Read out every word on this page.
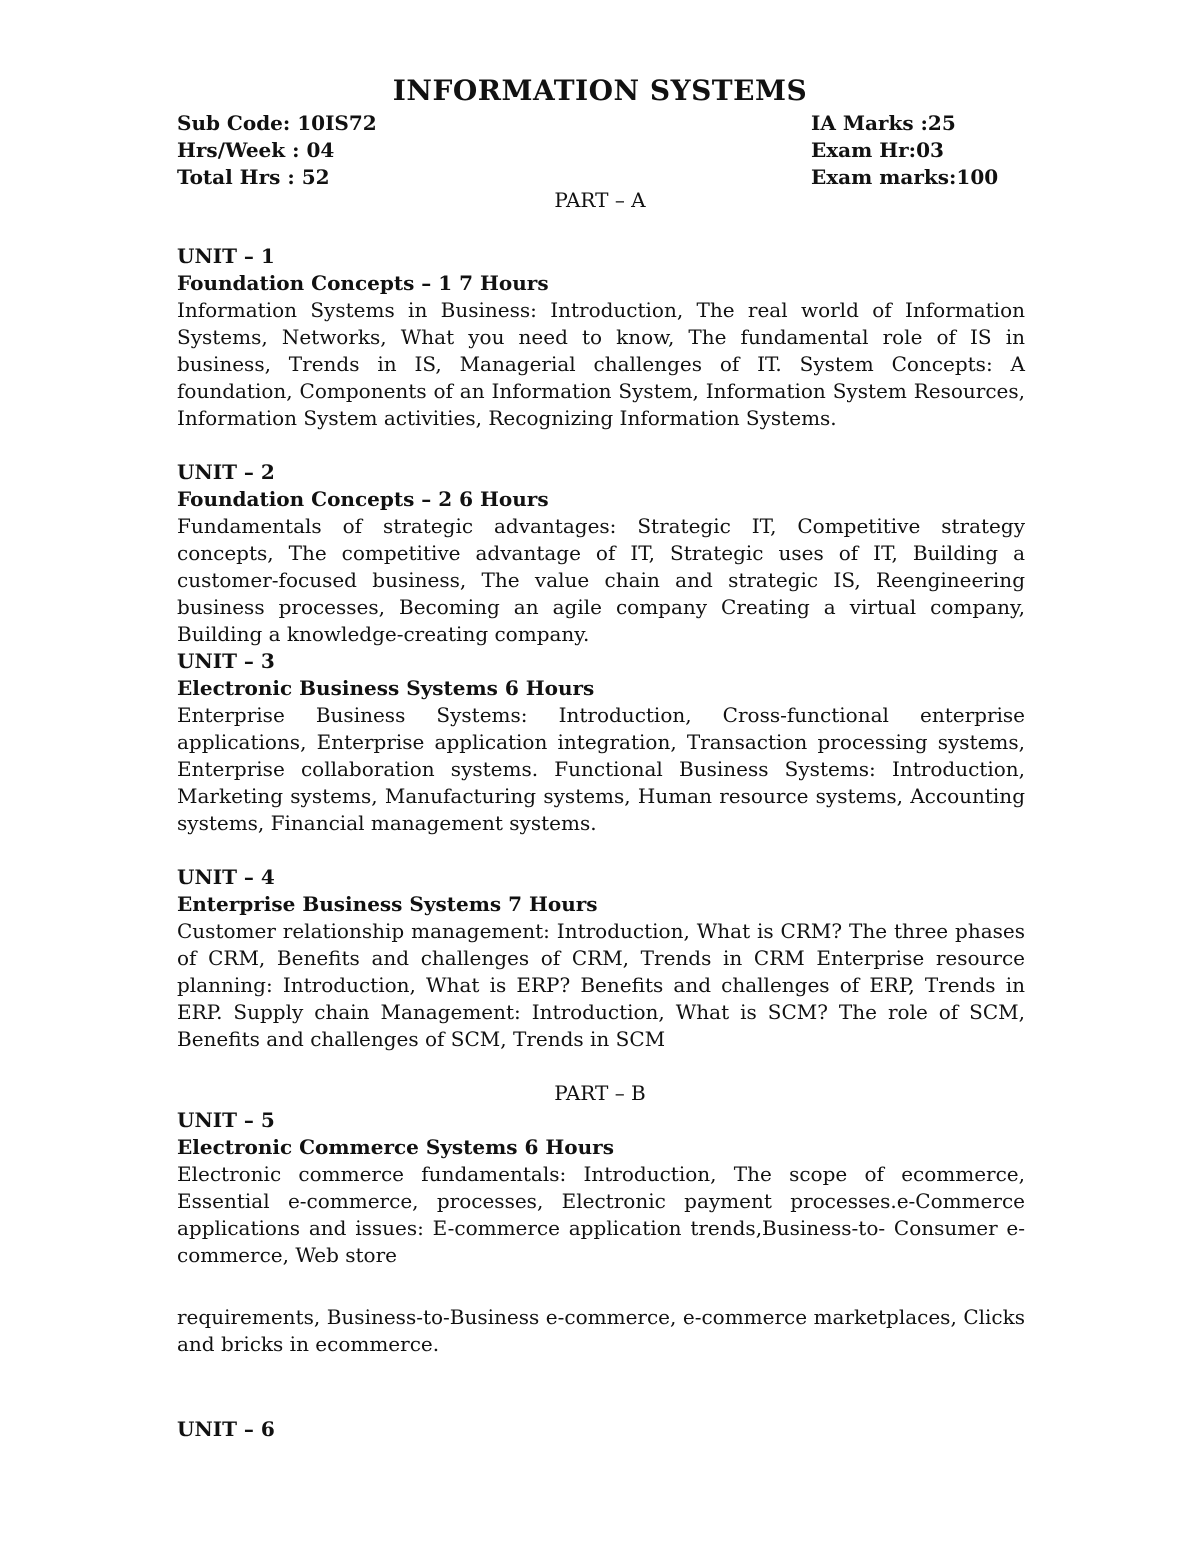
INFORMATION SYSTEMS
Sub Code: 10IS72
Hrs/Week : 04
Total Hrs : 52
IA Marks :25
Exam Hr:03
Exam marks:100
PART – A
UNIT – 1
Foundation Concepts – 1 7 Hours
Information Systems in Business: Introduction, The real world of Information Systems, Networks, What you need to know, The fundamental role of IS in business, Trends in IS, Managerial challenges of IT. System Concepts: A foundation, Components of an Information System, Information System Resources, Information System activities, Recognizing Information Systems.
UNIT – 2
Foundation Concepts – 2 6 Hours
Fundamentals of strategic advantages: Strategic IT, Competitive strategy concepts, The competitive advantage of IT, Strategic uses of IT, Building a customer-focused business, The value chain and strategic IS, Reengineering business processes, Becoming an agile company Creating a virtual company, Building a knowledge-creating company.
UNIT – 3
Electronic Business Systems 6 Hours
Enterprise Business Systems: Introduction, Cross-functional enterprise applications, Enterprise application integration, Transaction processing systems, Enterprise collaboration systems. Functional Business Systems: Introduction, Marketing systems, Manufacturing systems, Human resource systems, Accounting systems, Financial management systems.
UNIT – 4
Enterprise Business Systems 7 Hours
Customer relationship management: Introduction, What is CRM? The three phases of CRM, Benefits and challenges of CRM, Trends in CRM Enterprise resource planning: Introduction, What is ERP? Benefits and challenges of ERP, Trends in ERP. Supply chain Management: Introduction, What is SCM? The role of SCM, Benefits and challenges of SCM, Trends in SCM
PART – B
UNIT – 5
Electronic Commerce Systems 6 Hours
Electronic commerce fundamentals: Introduction, The scope of ecommerce, Essential e-commerce, processes, Electronic payment processes.e-Commerce applications and issues: E-commerce application trends,Business-to- Consumer e-commerce, Web store
requirements, Business-to-Business e-commerce, e-commerce marketplaces, Clicks and bricks in ecommerce.
UNIT – 6
